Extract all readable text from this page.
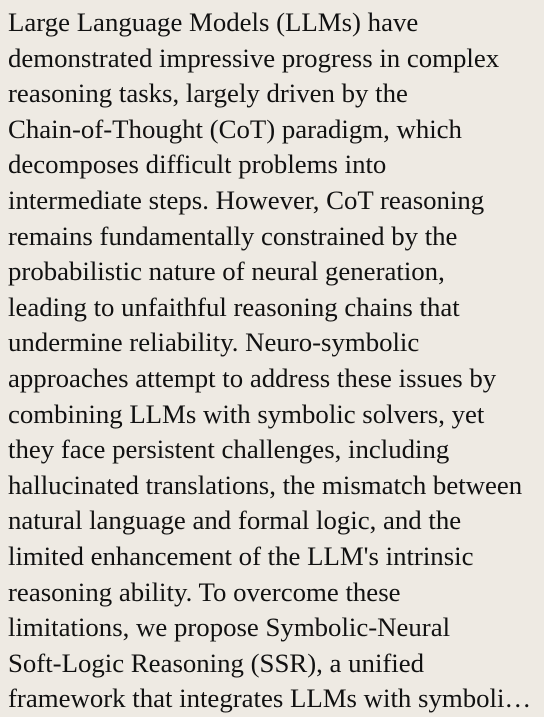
Large Language Models (LLMs) have
demonstrated impressive progress in complex
reasoning tasks, largely driven by the
Chain-of-Thought (CoT) paradigm, which
decomposes difficult problems into
intermediate steps. However, CoT reasoning
remains fundamentally constrained by the
probabilistic nature of neural generation,
leading to unfaithful reasoning chains that
undermine reliability. Neuro-symbolic
approaches attempt to address these issues by
combining LLMs with symbolic solvers, yet
they face persistent challenges, including
hallucinated translations, the mismatch between
natural language and formal logic, and the
limited enhancement of the LLM's intrinsic
reasoning ability. To overcome these
limitations, we propose Symbolic-Neural
Soft-Logic Reasoning (SSR), a unified
framework that integrates LLMs with symboli…
